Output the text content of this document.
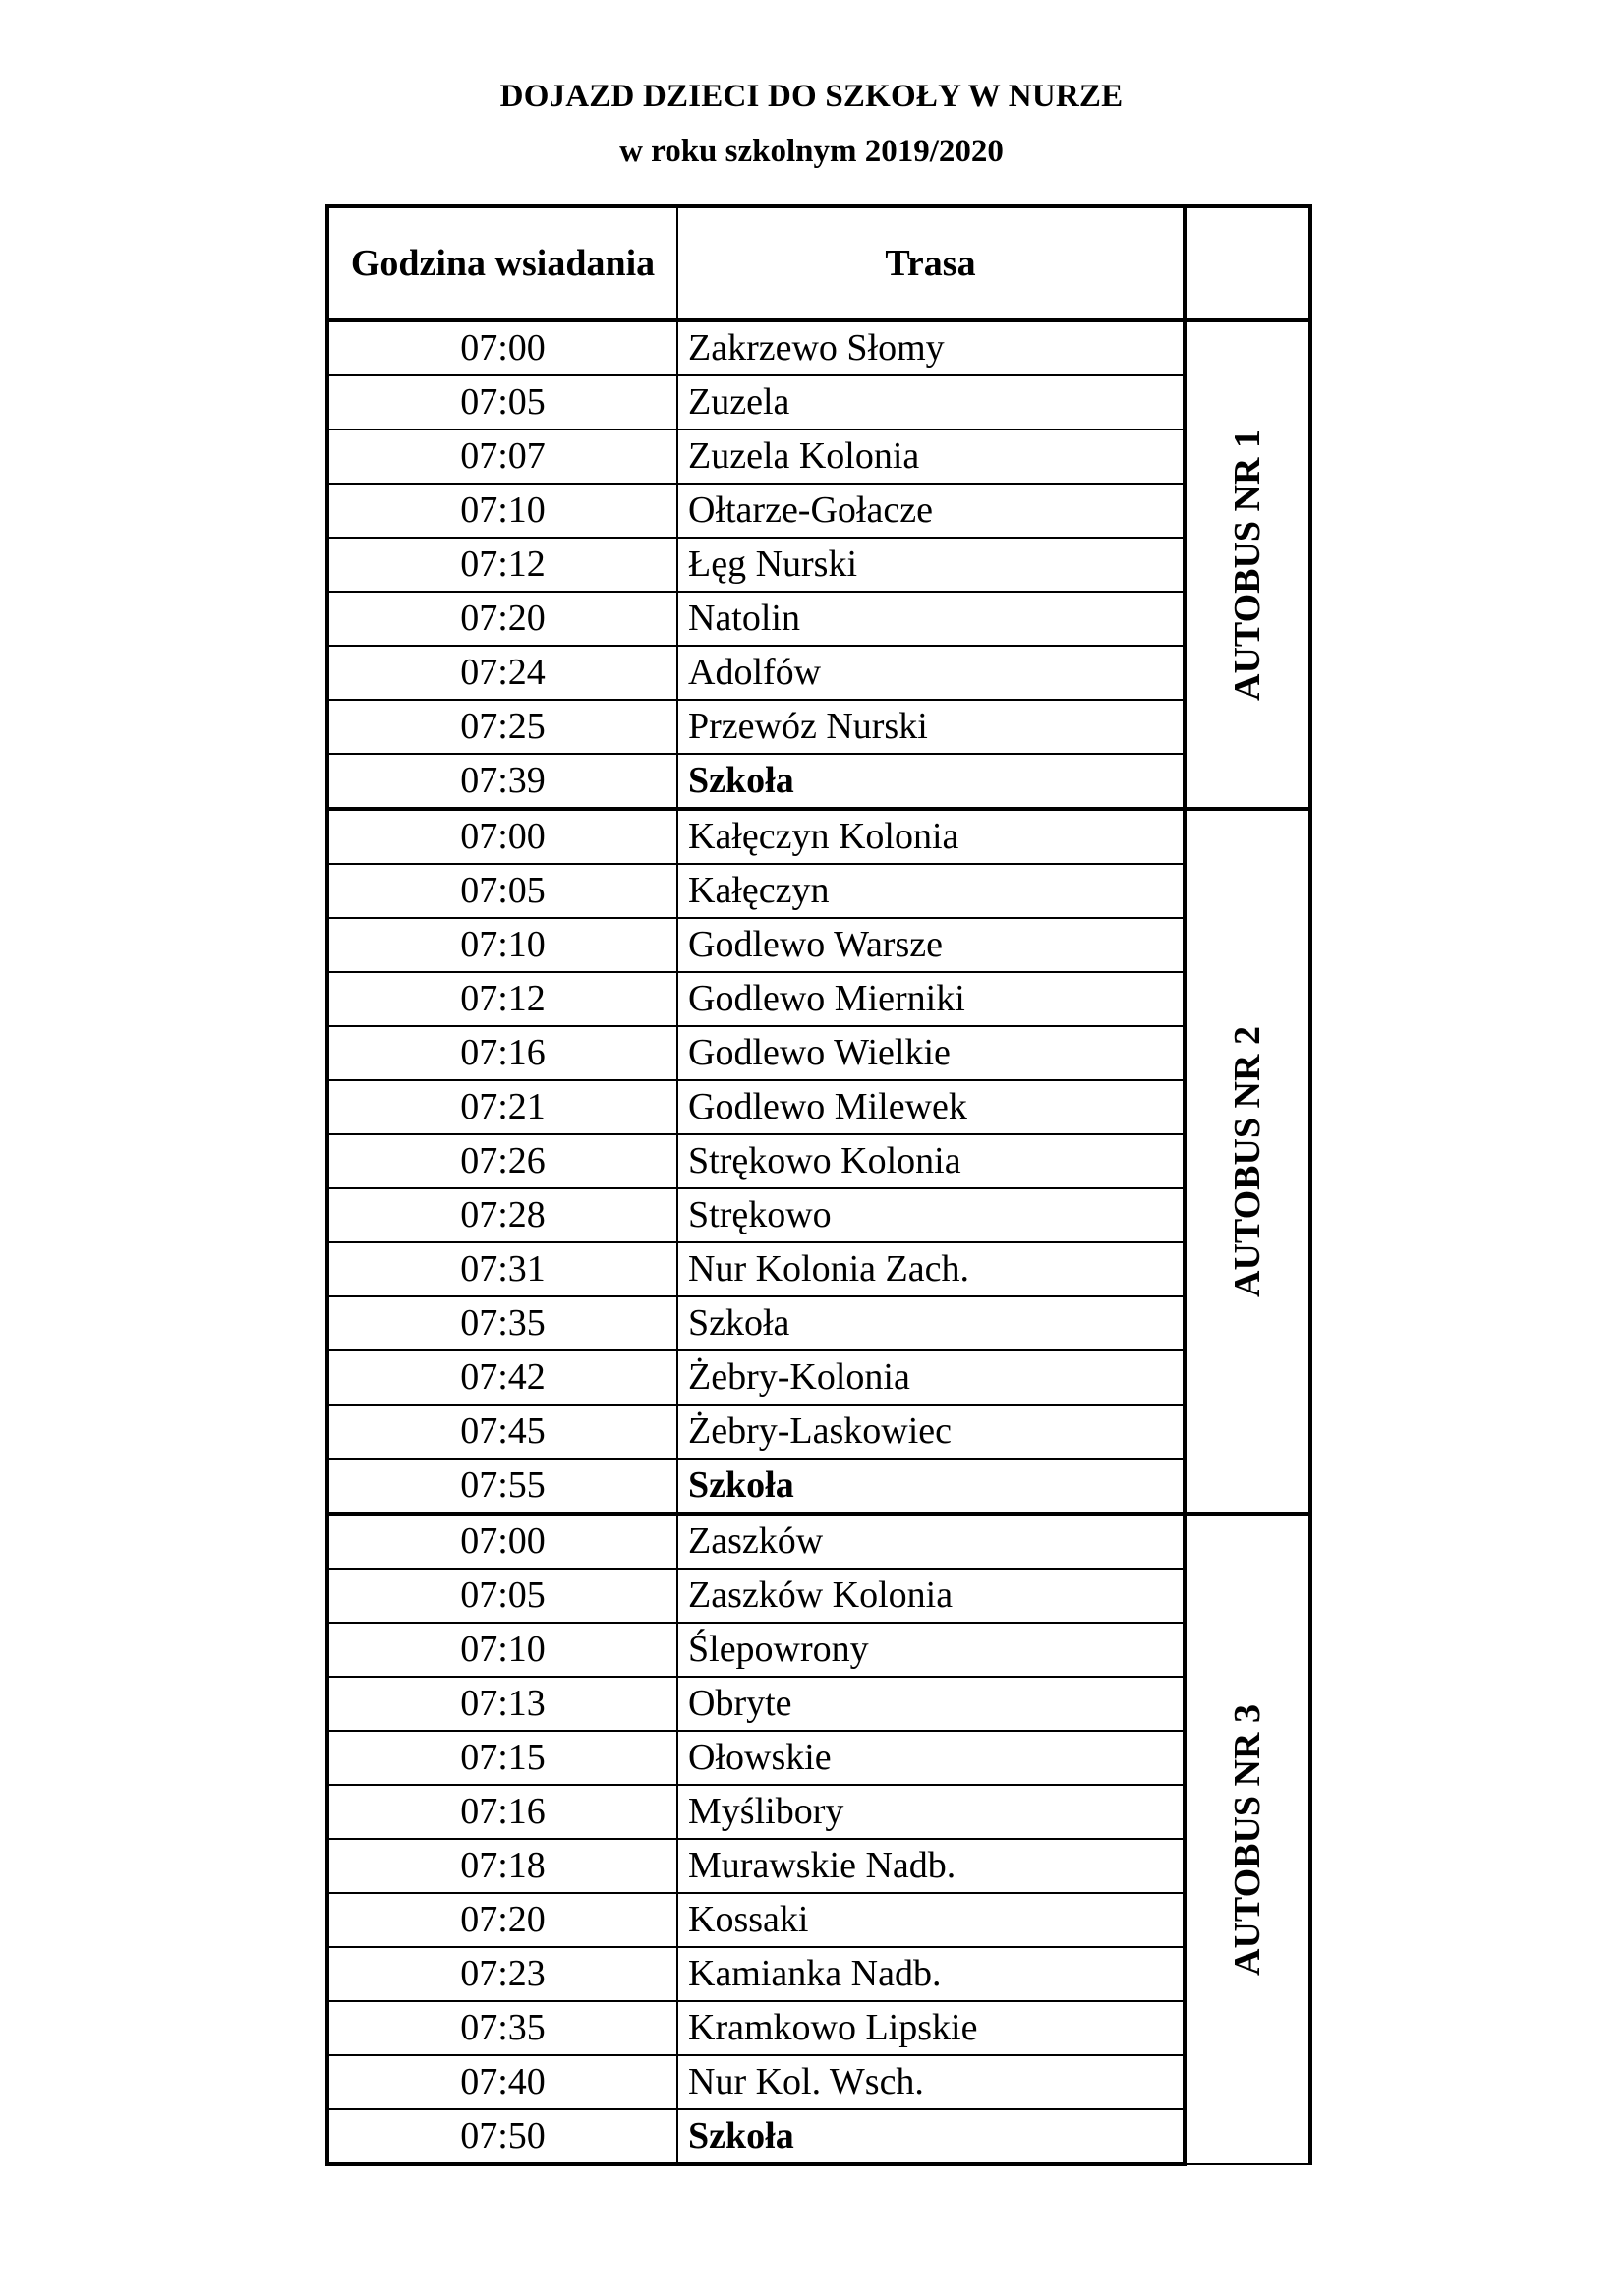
DOJAZD DZIECI DO SZKOŁY W NURZE
w roku szkolnym 2019/2020
Godzina wsiadania	Trasa	
07:00	Zakrzewo Słomy	AUTOBUS NR 1

07:05	Zuzela	
07:07	Zuzela Kolonia	
07:10	Ołtarze-Gołacze	
07:12	Łęg Nurski	
07:20	Natolin	
07:24	Adolfów	
07:25	Przewóz Nurski	
07:39	Szkoła	
07:00	Kałęczyn Kolonia	AUTOBUS NR 2

07:05	Kałęczyn	
07:10	Godlewo Warsze	
07:12	Godlewo Mierniki	
07:16	Godlewo Wielkie	
07:21	Godlewo Milewek	
07:26	Strękowo Kolonia	
07:28	Strękowo	
07:31	Nur Kolonia Zach.	
07:35	Szkoła	
07:42	Żebry-Kolonia	
07:45	Żebry-Laskowiec	
07:55	Szkoła	
07:00	Zaszków	AUTOBUS NR 3

07:05	Zaszków Kolonia	
07:10	Ślepowrony	
07:13	Obryte	
07:15	Ołowskie	
07:16	Myślibory	
07:18	Murawskie Nadb.	
07:20	Kossaki	
07:23	Kamianka Nadb.	
07:35	Kramkowo Lipskie	
07:40	Nur Kol. Wsch.	
07:50	Szkoła	
